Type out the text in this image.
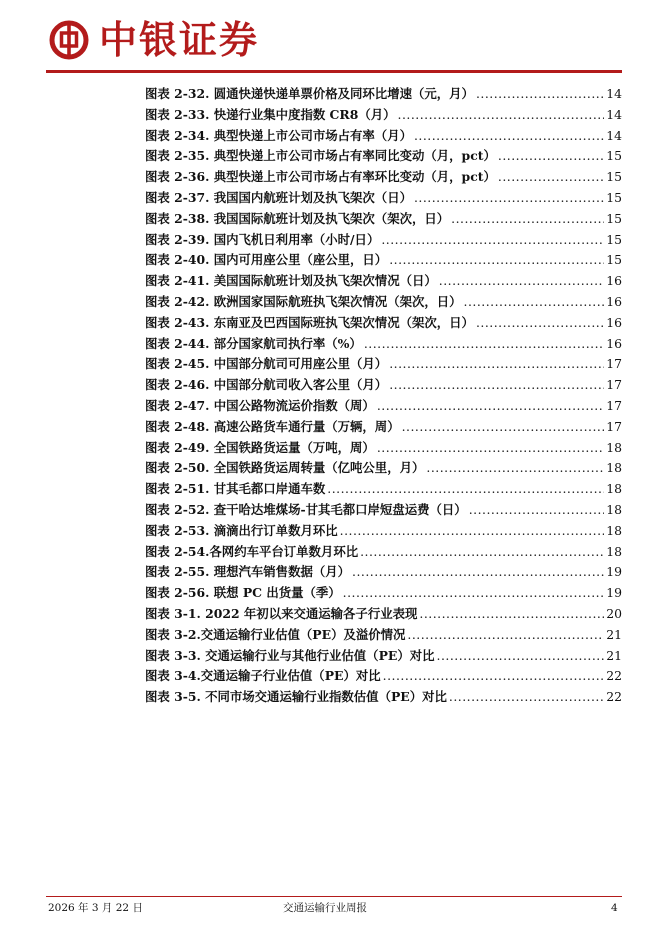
中银证券
图表 2-32. 圆通快递快递单票价格及同环比增速（元，月） .....	14
图表 2-33. 快递行业集中度指数 CR8（月） .....	14
图表 2-34. 典型快递上市公司市场占有率（月） .....	14
图表 2-35. 典型快递上市公司市场占有率同比变动（月，pct） .....	15
图表 2-36. 典型快递上市公司市场占有率环比变动（月，pct） .....	15
图表 2-37. 我国国内航班计划及执飞架次（日） .....	15
图表 2-38. 我国国际航班计划及执飞架次（架次，日） .....	15
图表 2-39. 国内飞机日利用率（小时/日） .....	15
图表 2-40. 国内可用座公里（座公里，日） .....	15
图表 2-41. 美国国际航班计划及执飞架次情况（日） .....	16
图表 2-42. 欧洲国家国际航班执飞架次情况（架次，日） .....	16
图表 2-43. 东南亚及巴西国际班执飞架次情况（架次，日） .....	16
图表 2-44. 部分国家航司执行率（%） .....	16
图表 2-45. 中国部分航司可用座公里（月） .....	17
图表 2-46. 中国部分航司收入客公里（月） .....	17
图表 2-47. 中国公路物流运价指数（周） .....	17
图表 2-48. 高速公路货车通行量（万辆，周） .....	17
图表 2-49. 全国铁路货运量（万吨，周） .....	18
图表 2-50. 全国铁路货运周转量（亿吨公里，月） .....	18
图表 2-51. 甘其毛都口岸通车数 .....	18
图表 2-52. 查干哈达堆煤场-甘其毛都口岸短盘运费（日） .....	18
图表 2-53. 滴滴出行订单数月环比 .....	18
图表 2-54.各网约车平台订单数月环比 .....	18
图表 2-55. 理想汽车销售数据（月） .....	19
图表 2-56. 联想 PC 出货量（季） .....	19
图表 3-1. 2022 年初以来交通运输各子行业表现 .....	20
图表 3-2.交通运输行业估值（PE）及溢价情况 .....	21
图表 3-3. 交通运输行业与其他行业估值（PE）对比 .....	21
图表 3-4.交通运输子行业估值（PE）对比 .....	22
图表 3-5. 不同市场交通运输行业指数估值（PE）对比 .....	22
2026 年 3 月 22 日	交通运输行业周报	4
